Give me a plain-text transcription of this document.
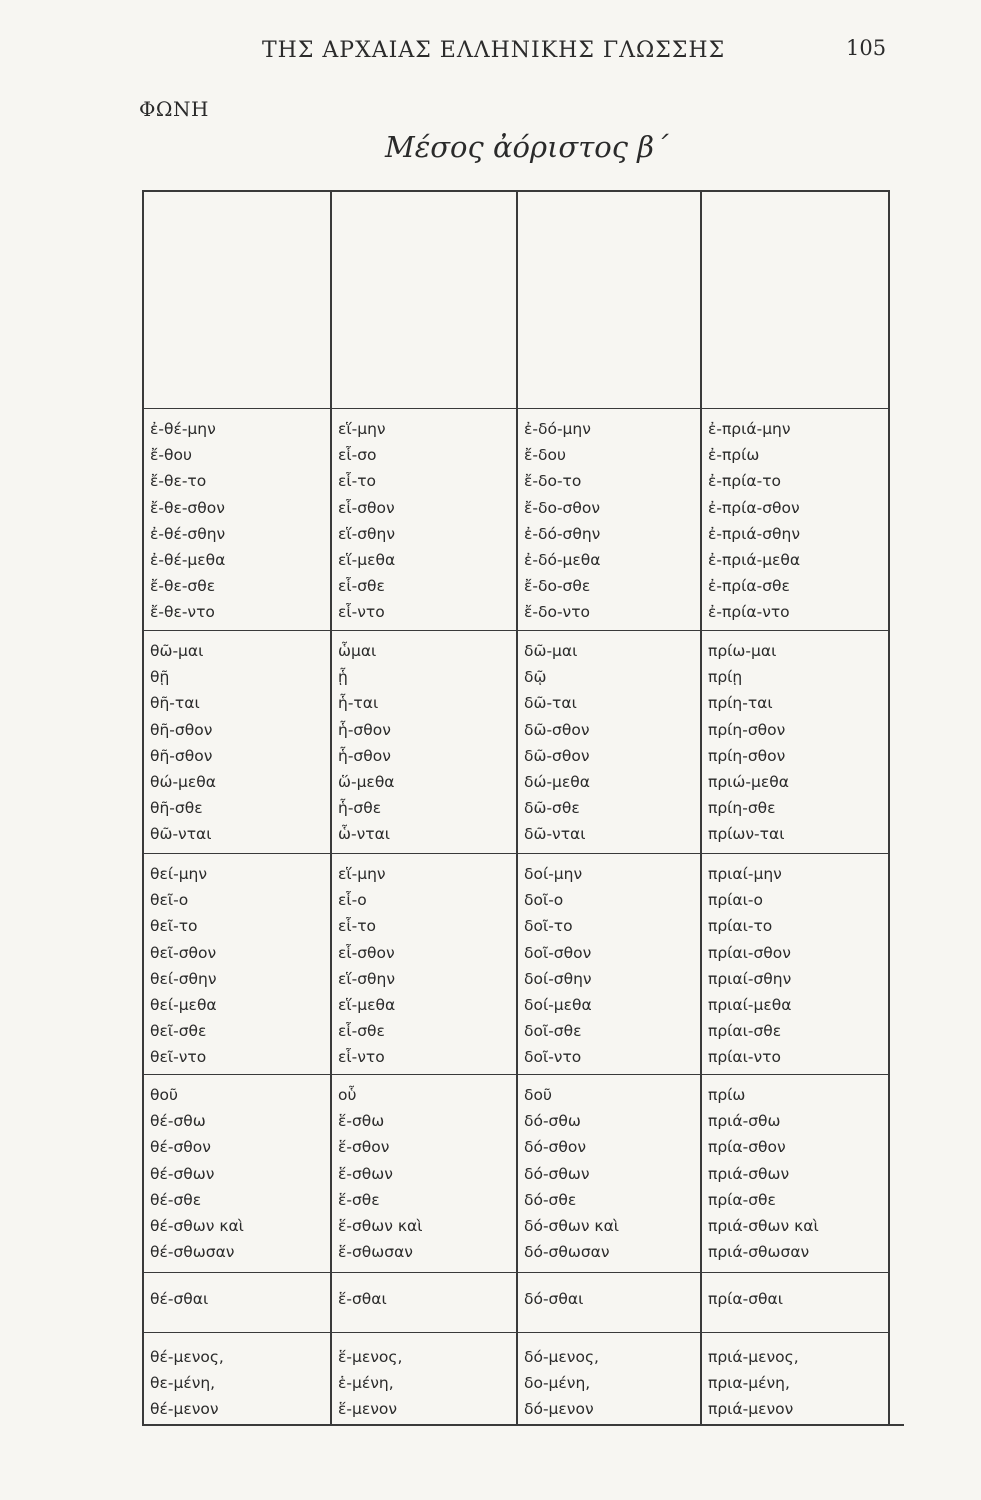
ΤΗΣ ΑΡΧΑΙΑΣ ΕΛΛΗΝΙΚΗΣ ΓΛΩΣΣΗΣ	105
ΦΩΝΗ
Μέσος ἀόριστος β΄
ἐ-θέ-μην
ἔ-θου
ἔ-θε-το
ἔ-θε-σθον
ἐ-θέ-σθην
ἐ-θέ-μεθα
ἔ-θε-σθε
ἔ-θε-ντο
θῶ-μαι
θῇ
θῆ-ται
θῆ-σθον
θῆ-σθον
θώ-μεθα
θῆ-σθε
θῶ-νται
θεί-μην
θεῖ-ο
θεῖ-το
θεῖ-σθον
θεί-σθην
θεί-μεθα
θεῖ-σθε
θεῖ-ντο
θοῦ
θέ-σθω
θέ-σθον
θέ-σθων
θέ-σθε
θέ-σθων καὶ
θέ-σθωσαν
θέ-σθαι
θέ-μενος,
θε-μένη,
θέ-μενον
εἵ-μην
εἷ-σο
εἷ-το
εἷ-σθον
εἵ-σθην
εἵ-μεθα
εἷ-σθε
εἷ-ντο
ὧμαι
ᾗ
ἧ-ται
ἧ-σθον
ἧ-σθον
ὥ-μεθα
ἧ-σθε
ὧ-νται
εἵ-μην
εἷ-ο
εἷ-το
εἷ-σθον
εἵ-σθην
εἵ-μεθα
εἷ-σθε
εἷ-ντο
οὗ
ἕ-σθω
ἕ-σθον
ἕ-σθων
ἕ-σθε
ἕ-σθων καὶ
ἕ-σθωσαν
ἕ-σθαι
ἕ-μενος,
ἑ-μένη,
ἕ-μενον
ἐ-δό-μην
ἔ-δου
ἔ-δο-το
ἔ-δο-σθον
ἐ-δό-σθην
ἐ-δό-μεθα
ἔ-δο-σθε
ἔ-δο-ντο
δῶ-μαι
δῷ
δῶ-ται
δῶ-σθον
δῶ-σθον
δώ-μεθα
δῶ-σθε
δῶ-νται
δοί-μην
δοῖ-ο
δοῖ-το
δοῖ-σθον
δοί-σθην
δοί-μεθα
δοῖ-σθε
δοῖ-ντο
δοῦ
δό-σθω
δό-σθον
δό-σθων
δό-σθε
δό-σθων καὶ
δό-σθωσαν
δό-σθαι
δό-μενος,
δο-μένη,
δό-μενον
ἐ-πριά-μην
ἐ-πρίω
ἐ-πρία-το
ἐ-πρία-σθον
ἐ-πριά-σθην
ἐ-πριά-μεθα
ἐ-πρία-σθε
ἐ-πρία-ντο
πρίω-μαι
πρίῃ
πρίη-ται
πρίη-σθον
πρίη-σθον
πριώ-μεθα
πρίη-σθε
πρίων-ται
πριαί-μην
πρίαι-ο
πρίαι-το
πρίαι-σθον
πριαί-σθην
πριαί-μεθα
πρίαι-σθε
πρίαι-ντο
πρίω
πριά-σθω
πρία-σθον
πριά-σθων
πρία-σθε
πριά-σθων καὶ
πριά-σθωσαν
πρία-σθαι
πριά-μενος,
πρια-μένη,
πριά-μενον
